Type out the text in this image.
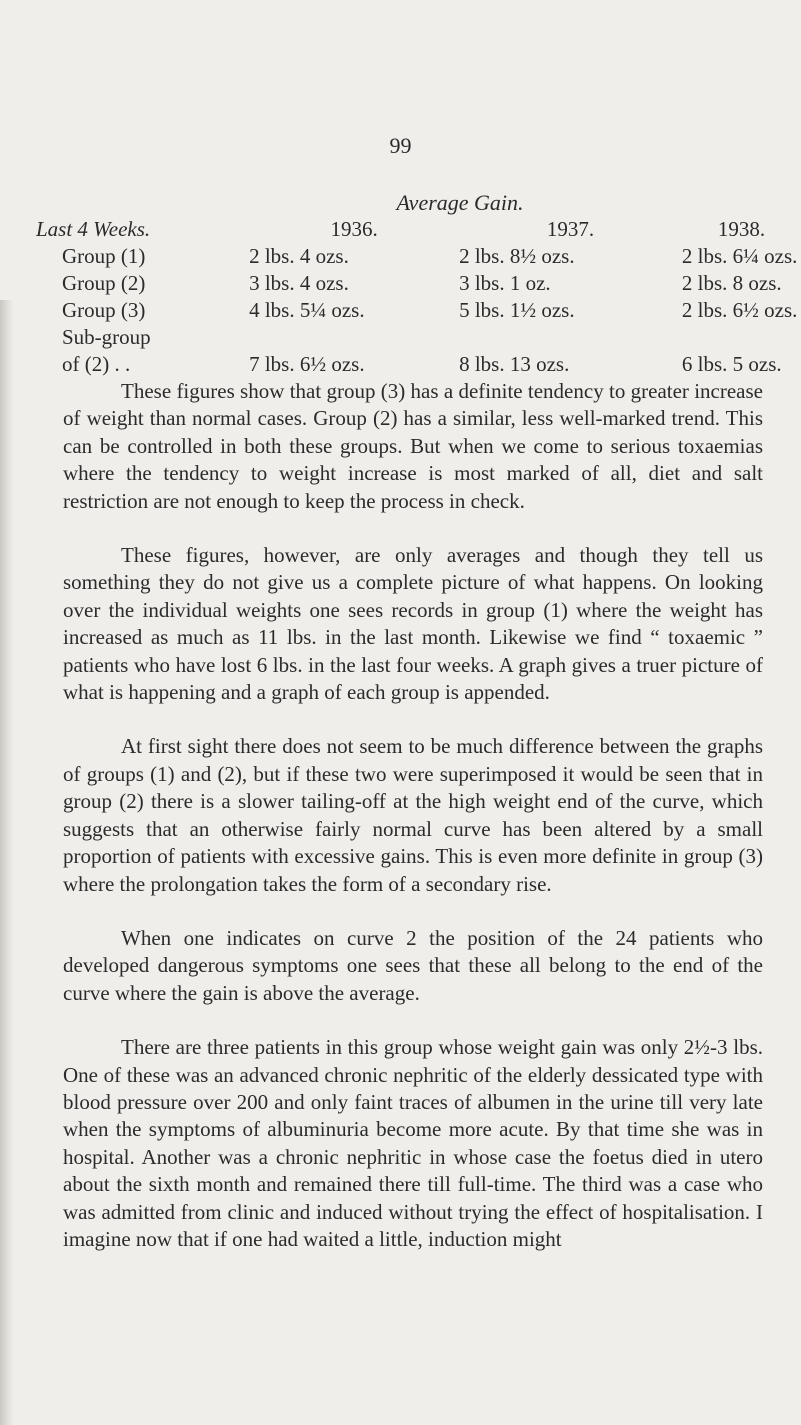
99
Average Gain.
Last 4 Weeks.	1936.	1937.	1938.
Group (1)	2 lbs. 4 ozs.	2 lbs. 8½ ozs.	2 lbs. 6¼ ozs.
Group (2)	3 lbs. 4 ozs.	3 lbs. 1 oz.	2 lbs. 8 ozs.
Group (3)	4 lbs. 5¼ ozs.	5 lbs. 1½ ozs.	2 lbs. 6½ ozs.
Sub-group			
of (2) . .	7 lbs. 6½ ozs.	8 lbs. 13 ozs.	6 lbs. 5 ozs.

These figures show that group (3) has a definite tendency to greater increase of weight than normal cases. Group (2) has a similar, less well-marked trend. This can be controlled in both these groups. But when we come to serious toxaemias where the tendency to weight increase is most marked of all, diet and salt restriction are not enough to keep the process in check.

These figures, however, are only averages and though they tell us something they do not give us a complete picture of what happens. On looking over the individual weights one sees records in group (1) where the weight has increased as much as 11 lbs. in the last month. Likewise we find “ toxaemic ” patients who have lost 6 lbs. in the last four weeks. A graph gives a truer picture of what is happening and a graph of each group is appended.

At first sight there does not seem to be much difference between the graphs of groups (1) and (2), but if these two were superimposed it would be seen that in group (2) there is a slower tailing-off at the high weight end of the curve, which suggests that an otherwise fairly normal curve has been altered by a small proportion of patients with excessive gains. This is even more definite in group (3) where the prolongation takes the form of a secondary rise.

When one indicates on curve 2 the position of the 24 patients who developed dangerous symptoms one sees that these all belong to the end of the curve where the gain is above the average.

There are three patients in this group whose weight gain was only 2½-3 lbs. One of these was an advanced chronic nephritic of the elderly dessicated type with blood pressure over 200 and only faint traces of albumen in the urine till very late when the symptoms of albuminuria become more acute. By that time she was in hospital. Another was a chronic nephritic in whose case the foetus died in utero about the sixth month and remained there till full-time. The third was a case who was admitted from clinic and induced without trying the effect of hospitalisation. I imagine now that if one had waited a little, induction might
